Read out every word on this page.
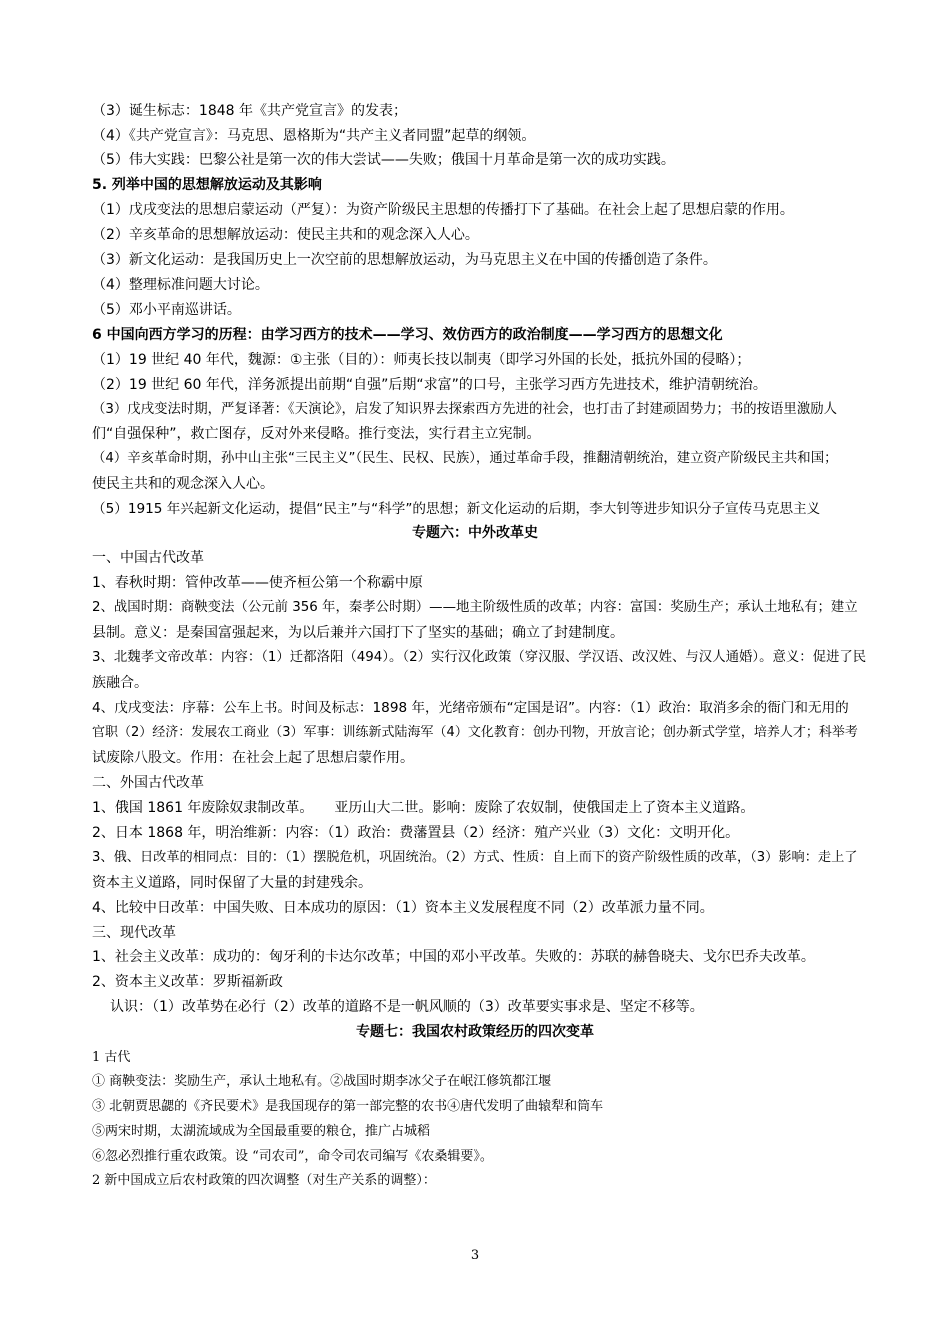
（3）诞生标志：1848 年《共产党宣言》的发表；
（4）《共产党宣言》：马克思、恩格斯为“共产主义者同盟”起草的纲领。
（5）伟大实践：巴黎公社是第一次的伟大尝试——失败；俄国十月革命是第一次的成功实践。
5. 列举中国的思想解放运动及其影响
（1）戊戌变法的思想启蒙运动（严复）：为资产阶级民主思想的传播打下了基础。在社会上起了思想启蒙的作用。
（2）辛亥革命的思想解放运动：使民主共和的观念深入人心。
（3）新文化运动：是我国历史上一次空前的思想解放运动，为马克思主义在中国的传播创造了条件。
（4）整理标准问题大讨论。
（5）邓小平南巡讲话。
6 中国向西方学习的历程：由学习西方的技术——学习、效仿西方的政治制度——学习西方的思想文化
（1）19 世纪 40 年代，魏源：①主张（目的）：师夷长技以制夷（即学习外国的长处，抵抗外国的侵略）；
（2）19 世纪 60 年代，洋务派提出前期“自强”后期“求富”的口号，主张学习西方先进技术，维护清朝统治。
（3）戊戌变法时期，严复译著：《天演论》，启发了知识界去探索西方先进的社会，也打击了封建顽固势力；书的按语里激励人
们“自强保种”，救亡图存，反对外来侵略。推行变法，实行君主立宪制。
（4）辛亥革命时期，孙中山主张“三民主义”（民生、民权、民族），通过革命手段，推翻清朝统治，建立资产阶级民主共和国；
使民主共和的观念深入人心。
（5）1915 年兴起新文化运动，提倡“民主”与“科学”的思想；新文化运动的后期，李大钊等进步知识分子宣传马克思主义
专题六：中外改革史
一、中国古代改革
1、春秋时期：管仲改革——使齐桓公第一个称霸中原
2、战国时期：商鞅变法（公元前 356 年，秦孝公时期）——地主阶级性质的改革；内容：富国：奖励生产；承认土地私有；建立
县制。意义：是秦国富强起来，为以后兼并六国打下了坚实的基础；确立了封建制度。
3、北魏孝文帝改革：内容：（1）迁都洛阳（494）。（2）实行汉化政策（穿汉服、学汉语、改汉姓、与汉人通婚）。意义：促进了民
族融合。
4、戊戌变法：序幕：公车上书。时间及标志：1898 年，光绪帝颁布“定国是诏”。内容：（1）政治：取消多余的衙门和无用的
官职（2）经济：发展农工商业（3）军事：训练新式陆海军（4）文化教育：创办刊物，开放言论；创办新式学堂，培养人才；科举考
试废除八股文。作用：在社会上起了思想启蒙作用。
二、外国古代改革
1、俄国 1861 年废除奴隶制改革。　　亚历山大二世。影响：废除了农奴制，使俄国走上了资本主义道路。
2、日本 1868 年，明治维新：内容：（1）政治：费藩置县（2）经济：殖产兴业（3）文化：文明开化。
3、俄、日改革的相同点：目的：（1）摆脱危机，巩固统治。（2）方式、性质：自上而下的资产阶级性质的改革，（3）影响：走上了
资本主义道路，同时保留了大量的封建残余。
4、比较中日改革：中国失败、日本成功的原因：（1）资本主义发展程度不同（2）改革派力量不同。
三、现代改革
1、社会主义改革：成功的：匈牙利的卡达尔改革；中国的邓小平改革。失败的：苏联的赫鲁晓夫、戈尔巴乔夫改革。
2、资本主义改革：罗斯福新政
认识：（1）改革势在必行（2）改革的道路不是一帆风顺的（3）改革要实事求是、坚定不移等。
专题七：我国农村政策经历的四次变革
1 古代
① 商鞅变法：奖励生产，承认土地私有。②战国时期李冰父子在岷江修筑都江堰
③ 北朝贾思勰的《齐民要术》是我国现存的第一部完整的农书④唐代发明了曲辕犁和筒车
⑤两宋时期，太湖流域成为全国最重要的粮仓，推广占城稻
⑥忽必烈推行重农政策。设 “司农司”，命令司农司编写《农桑辑要》。
2 新中国成立后农村政策的四次调整（对生产关系的调整）：
3
